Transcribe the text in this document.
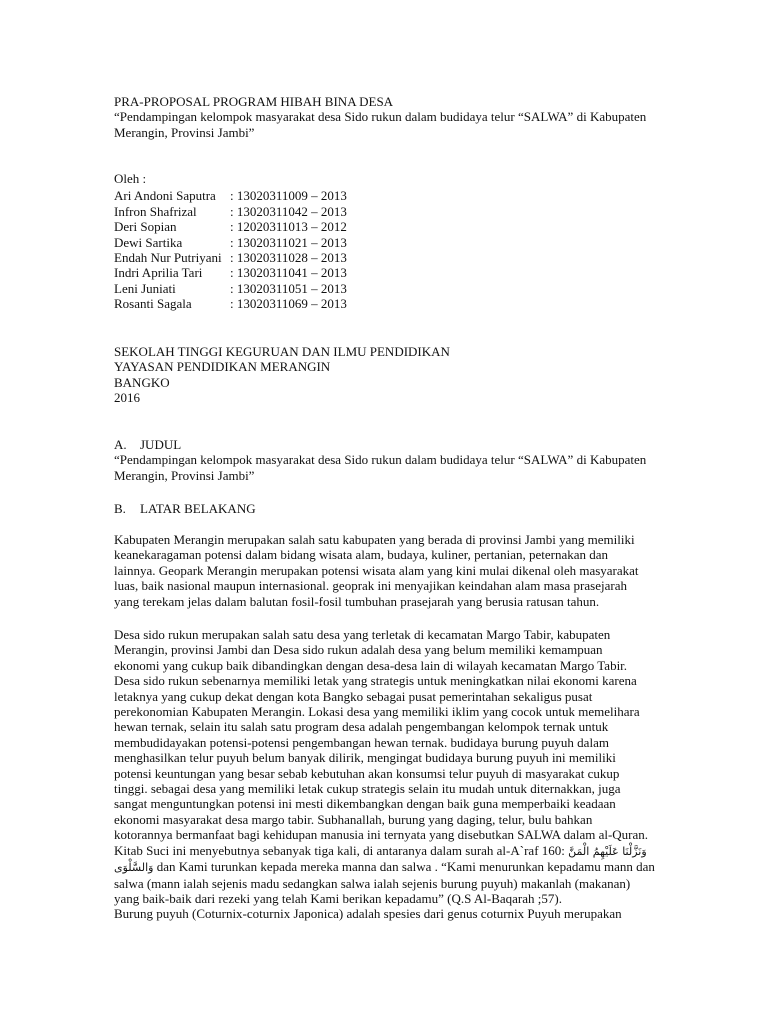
PRA-PROPOSAL PROGRAM HIBAH BINA DESA
“Pendampingan kelompok masyarakat desa Sido rukun dalam budidaya telur “SALWA” di Kabupaten
Merangin, Provinsi Jambi”
Oleh :
Ari Andoni Saputra : 13020311009 – 2013
Infron Shafrizal	: 13020311042 – 2013
Deri Sopian	: 12020311013 – 2012
Dewi Sartika	: 13020311021 – 2013
Endah Nur Putriyani : 13020311028 – 2013
Indri Aprilia Tari : 13020311041 – 2013
Leni Juniati	: 13020311051 – 2013
Rosanti Sagala	: 13020311069 – 2013
SEKOLAH TINGGI KEGURUAN DAN ILMU PENDIDIKAN
YAYASAN PENDIDIKAN MERANGIN
BANGKO
2016
A. JUDUL
“Pendampingan kelompok masyarakat desa Sido rukun dalam budidaya telur “SALWA” di Kabupaten
Merangin, Provinsi Jambi”
B. LATAR BELAKANG
Kabupaten Merangin merupakan salah satu kabupaten yang berada di provinsi Jambi yang memiliki
keanekaragaman potensi dalam bidang wisata alam, budaya, kuliner, pertanian, peternakan dan
lainnya. Geopark Merangin merupakan potensi wisata alam yang kini mulai dikenal oleh masyarakat
luas, baik nasional maupun internasional. geoprak ini menyajikan keindahan alam masa prasejarah
yang terekam jelas dalam balutan fosil-fosil tumbuhan prasejarah yang berusia ratusan tahun.
Desa sido rukun merupakan salah satu desa yang terletak di kecamatan Margo Tabir, kabupaten
Merangin, provinsi Jambi dan Desa sido rukun adalah desa yang belum memiliki kemampuan
ekonomi yang cukup baik dibandingkan dengan desa-desa lain di wilayah kecamatan Margo Tabir.
Desa sido rukun sebenarnya memiliki letak yang strategis untuk meningkatkan nilai ekonomi karena
letaknya yang cukup dekat dengan kota Bangko sebagai pusat pemerintahan sekaligus pusat
perekonomian Kabupaten Merangin. Lokasi desa yang memiliki iklim yang cocok untuk memelihara
hewan ternak, selain itu salah satu program desa adalah pengembangan kelompok ternak untuk
membudidayakan potensi-potensi pengembangan hewan ternak. budidaya burung puyuh dalam
menghasilkan telur puyuh belum banyak dilirik, mengingat budidaya burung puyuh ini memiliki
potensi keuntungan yang besar sebab kebutuhan akan konsumsi telur puyuh di masyarakat cukup
tinggi. sebagai desa yang memiliki letak cukup strategis selain itu mudah untuk diternakkan, juga
sangat menguntungkan potensi ini mesti dikembangkan dengan baik guna memperbaiki keadaan
ekonomi masyarakat desa margo tabir. Subhanallah, burung yang daging, telur, bulu bahkan
kotorannya bermanfaat bagi kehidupan manusia ini ternyata yang disebutkan SALWA dalam al-Quran.
Kitab Suci ini menyebutnya sebanyak tiga kali, di antaranya dalam surah al-A`raf 160: وَنَزَّلْنَا عَلَيْهِمُ الْمَنَّ
وَالسَّلْوَى dan Kami turunkan kepada mereka manna dan salwa . “Kami menurunkan kepadamu mann dan
salwa (mann ialah sejenis madu sedangkan salwa ialah sejenis burung puyuh) makanlah (makanan)
yang baik-baik dari rezeki yang telah Kami berikan kepadamu” (Q.S Al-Baqarah ;57).
Burung puyuh (Coturnix-coturnix Japonica) adalah spesies dari genus coturnix Puyuh merupakan
